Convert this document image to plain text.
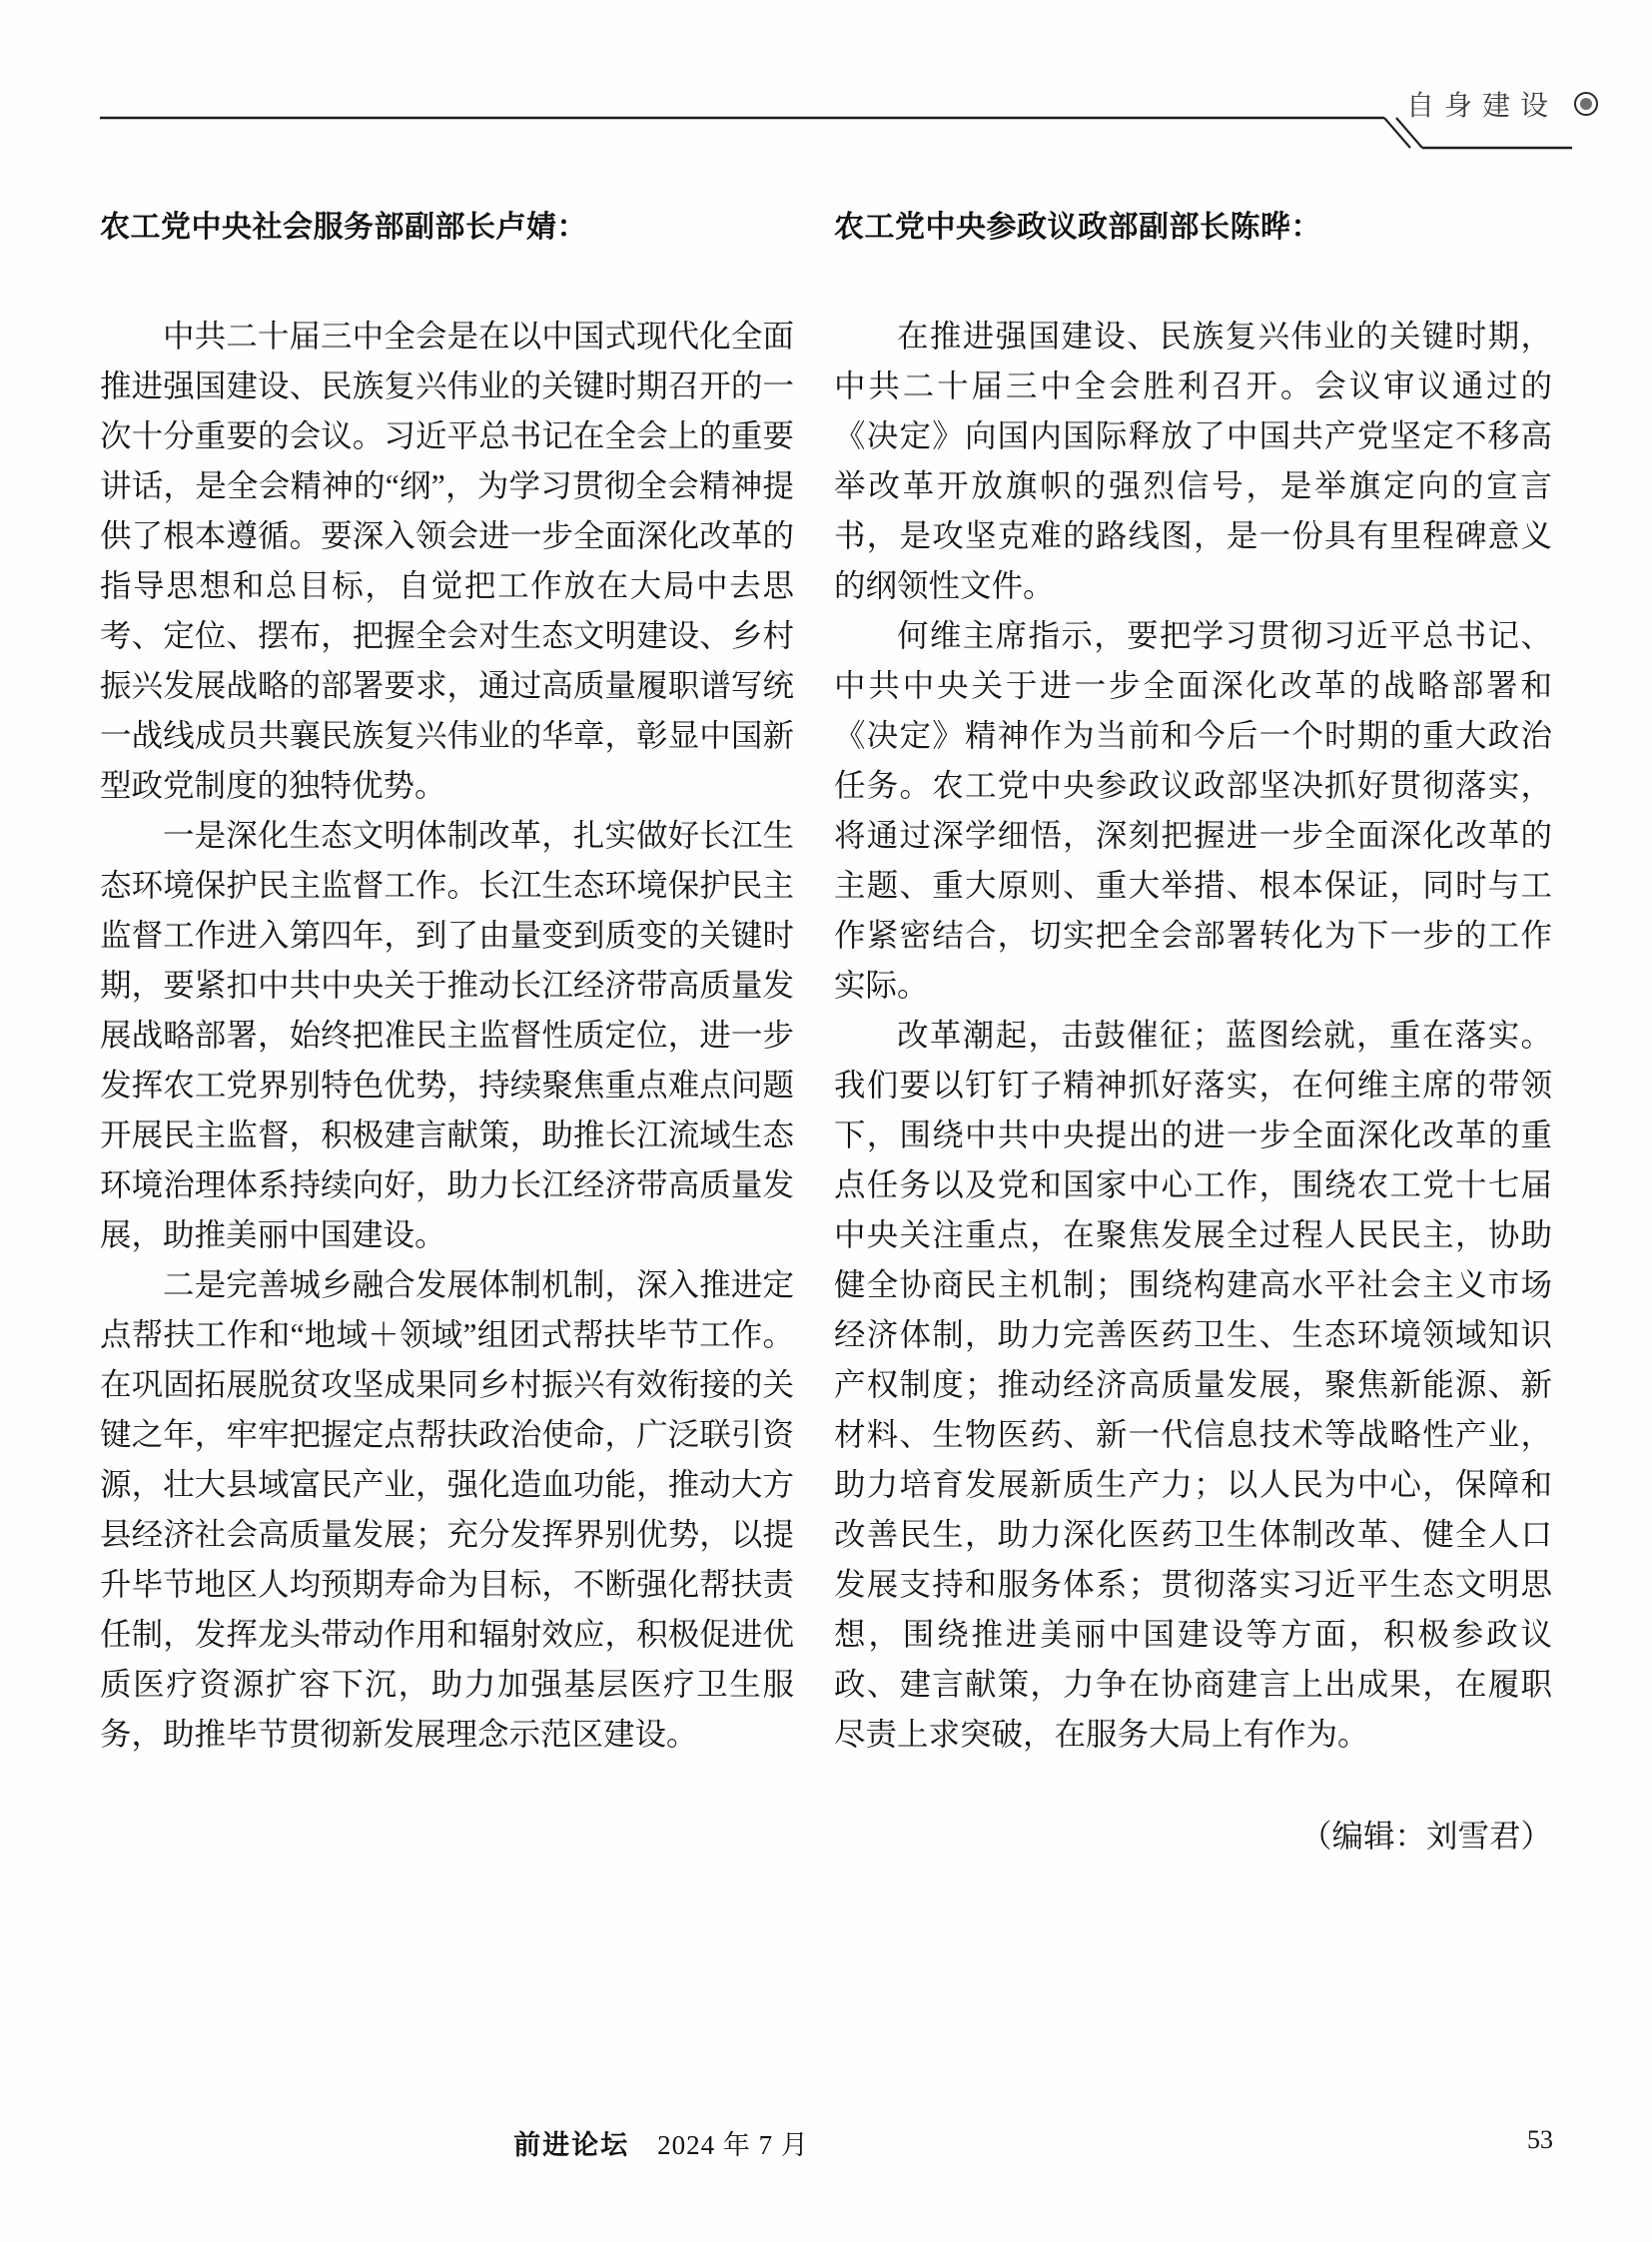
自身建设
农工党中央社会服务部副部长卢婧：

中共二十届三中全会是在以中国式现代化全面推进强国建设、民族复兴伟业的关键时期召开的一次十分重要的会议。习近平总书记在全会上的重要讲话，是全会精神的“纲”，为学习贯彻全会精神提供了根本遵循。要深入领会进一步全面深化改革的指导思想和总目标，自觉把工作放在大局中去思考、定位、摆布，把握全会对生态文明建设、乡村振兴发展战略的部署要求，通过高质量履职谱写统一战线成员共襄民族复兴伟业的华章，彰显中国新型政党制度的独特优势。

一是深化生态文明体制改革，扎实做好长江生态环境保护民主监督工作。长江生态环境保护民主监督工作进入第四年，到了由量变到质变的关键时期，要紧扣中共中央关于推动长江经济带高质量发展战略部署，始终把准民主监督性质定位，进一步发挥农工党界别特色优势，持续聚焦重点难点问题开展民主监督，积极建言献策，助推长江流域生态环境治理体系持续向好，助力长江经济带高质量发展，助推美丽中国建设。

二是完善城乡融合发展体制机制，深入推进定点帮扶工作和“地域＋领域”组团式帮扶毕节工作。在巩固拓展脱贫攻坚成果同乡村振兴有效衔接的关键之年，牢牢把握定点帮扶政治使命，广泛联引资源，壮大县域富民产业，强化造血功能，推动大方县经济社会高质量发展；充分发挥界别优势，以提升毕节地区人均预期寿命为目标，不断强化帮扶责任制，发挥龙头带动作用和辐射效应，积极促进优质医疗资源扩容下沉，助力加强基层医疗卫生服务，助推毕节贯彻新发展理念示范区建设。

农工党中央参政议政部副部长陈晔：

在推进强国建设、民族复兴伟业的关键时期，中共二十届三中全会胜利召开。会议审议通过的《决定》向国内国际释放了中国共产党坚定不移高举改革开放旗帜的强烈信号，是举旗定向的宣言书，是攻坚克难的路线图，是一份具有里程碑意义的纲领性文件。

何维主席指示，要把学习贯彻习近平总书记、中共中央关于进一步全面深化改革的战略部署和《决定》精神作为当前和今后一个时期的重大政治任务。农工党中央参政议政部坚决抓好贯彻落实，将通过深学细悟，深刻把握进一步全面深化改革的主题、重大原则、重大举措、根本保证，同时与工作紧密结合，切实把全会部署转化为下一步的工作实际。

改革潮起，击鼓催征；蓝图绘就，重在落实。我们要以钉钉子精神抓好落实，在何维主席的带领下，围绕中共中央提出的进一步全面深化改革的重点任务以及党和国家中心工作，围绕农工党十七届中央关注重点，在聚焦发展全过程人民民主，协助健全协商民主机制；围绕构建高水平社会主义市场经济体制，助力完善医药卫生、生态环境领域知识产权制度；推动经济高质量发展，聚焦新能源、新材料、生物医药、新一代信息技术等战略性产业，助力培育发展新质生产力；以人民为中心，保障和改善民生，助力深化医药卫生体制改革、健全人口发展支持和服务体系；贯彻落实习近平生态文明思想，围绕推进美丽中国建设等方面，积极参政议政、建言献策，力争在协商建言上出成果，在履职尽责上求突破，在服务大局上有作为。

（编辑：刘雪君）

前进论坛 2024 年 7 月	53
